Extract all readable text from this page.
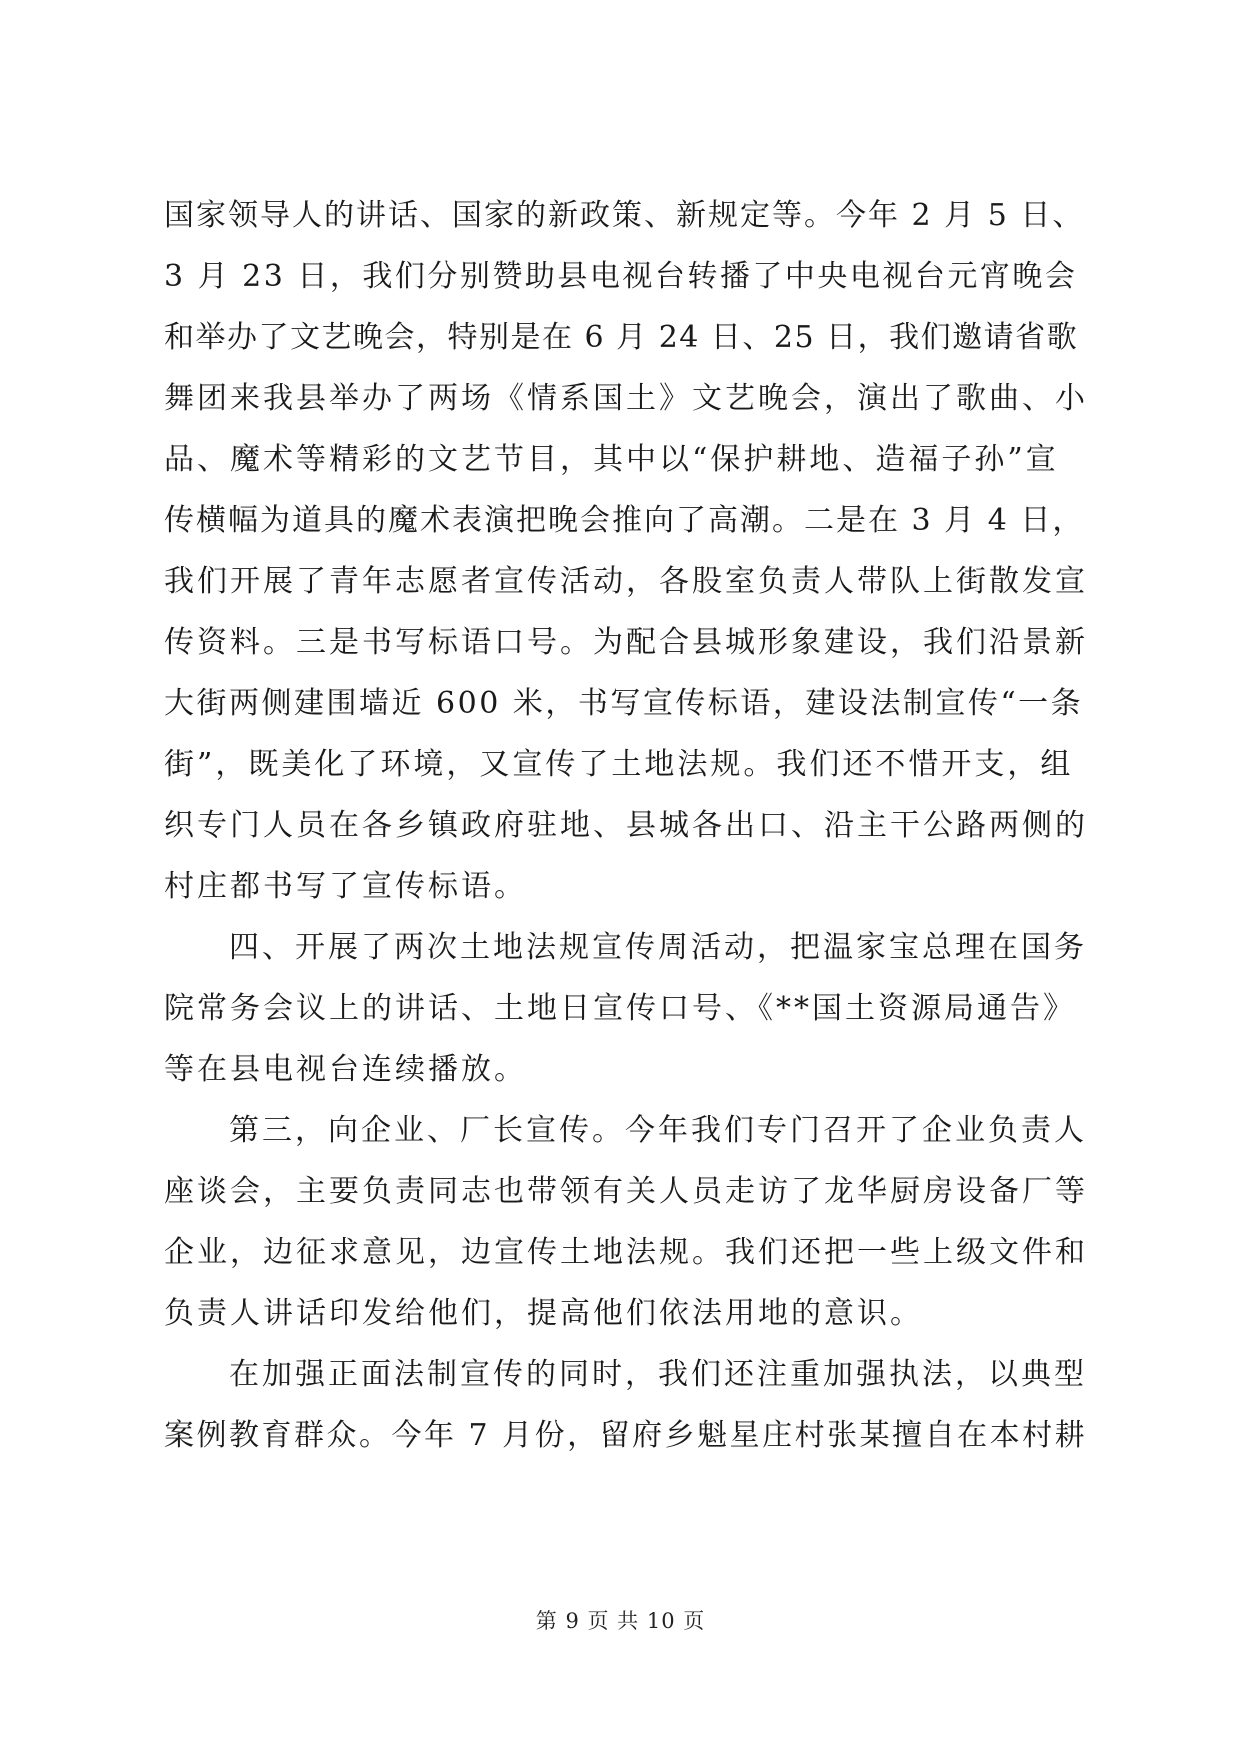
国家领导人的讲话、国家的新政策、新规定等。今年 2 月 5 日、
3 月 23 日，我们分别赞助县电视台转播了中央电视台元宵晚会
和举办了文艺晚会，特别是在 6 月 24 日、25 日，我们邀请省歌
舞团来我县举办了两场《情系国土》文艺晚会，演出了歌曲、小
品、魔术等精彩的文艺节目，其中以“保护耕地、造福子孙”宣
传横幅为道具的魔术表演把晚会推向了高潮。二是在 3 月 4 日，
我们开展了青年志愿者宣传活动，各股室负责人带队上街散发宣
传资料。三是书写标语口号。为配合县城形象建设，我们沿景新
大街两侧建围墙近 600 米，书写宣传标语，建设法制宣传“一条
街”，既美化了环境，又宣传了土地法规。我们还不惜开支，组
织专门人员在各乡镇政府驻地、县城各出口、沿主干公路两侧的
村庄都书写了宣传标语。
四、开展了两次土地法规宣传周活动，把温家宝总理在国务
院常务会议上的讲话、土地日宣传口号、《**国土资源局通告》
等在县电视台连续播放。
第三，向企业、厂长宣传。今年我们专门召开了企业负责人
座谈会，主要负责同志也带领有关人员走访了龙华厨房设备厂等
企业，边征求意见，边宣传土地法规。我们还把一些上级文件和
负责人讲话印发给他们，提高他们依法用地的意识。
在加强正面法制宣传的同时，我们还注重加强执法，以典型
案例教育群众。今年 7 月份，留府乡魁星庄村张某擅自在本村耕
第 9 页 共 10 页
